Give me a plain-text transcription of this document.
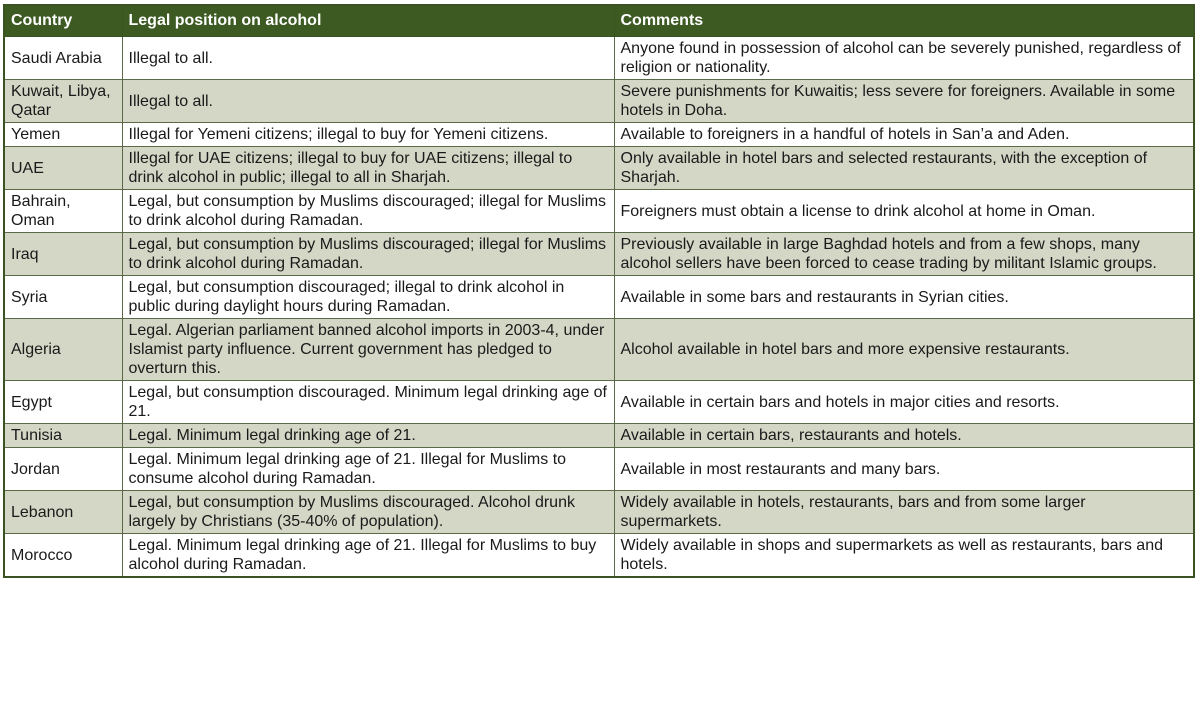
Country	Legal position on alcohol	Comments
Saudi Arabia	Illegal to all.	Anyone found in possession of alcohol can be severely punished, regardless of religion or nationality.
Kuwait, Libya, Qatar	Illegal to all.	Severe punishments for Kuwaitis; less severe for foreigners. Available in some hotels in Doha.
Yemen	Illegal for Yemeni citizens; illegal to buy for Yemeni citizens.	Available to foreigners in a handful of hotels in San’a and Aden.
UAE	Illegal for UAE citizens; illegal to buy for UAE citizens; illegal to drink alcohol in public; illegal to all in Sharjah.	Only available in hotel bars and selected restaurants, with the exception of Sharjah.
Bahrain, Oman	Legal, but consumption by Muslims discouraged; illegal for Muslims to drink alcohol during Ramadan.	Foreigners must obtain a license to drink alcohol at home in Oman.
Iraq	Legal, but consumption by Muslims discouraged; illegal for Muslims to drink alcohol during Ramadan.	Previously available in large Baghdad hotels and from a few shops, many alcohol sellers have been forced to cease trading by militant Islamic groups.
Syria	Legal, but consumption discouraged; illegal to drink alcohol in public during daylight hours during Ramadan.	Available in some bars and restaurants in Syrian cities.
Algeria	Legal. Algerian parliament banned alcohol imports in 2003-4, under Islamist party influence. Current government has pledged to overturn this.	Alcohol available in hotel bars and more expensive restaurants.
Egypt	Legal, but consumption discouraged. Minimum legal drinking age of 21.	Available in certain bars and hotels in major cities and resorts.
Tunisia	Legal. Minimum legal drinking age of 21.	Available in certain bars, restaurants and hotels.
Jordan	Legal. Minimum legal drinking age of 21. Illegal for Muslims to consume alcohol during Ramadan.	Available in most restaurants and many bars.
Lebanon	Legal, but consumption by Muslims discouraged. Alcohol drunk largely by Christians (35-40% of population).	Widely available in hotels, restaurants, bars and from some larger supermarkets.
Morocco	Legal. Minimum legal drinking age of 21. Illegal for Muslims to buy alcohol during Ramadan.	Widely available in shops and supermarkets as well as restaurants, bars and hotels.
